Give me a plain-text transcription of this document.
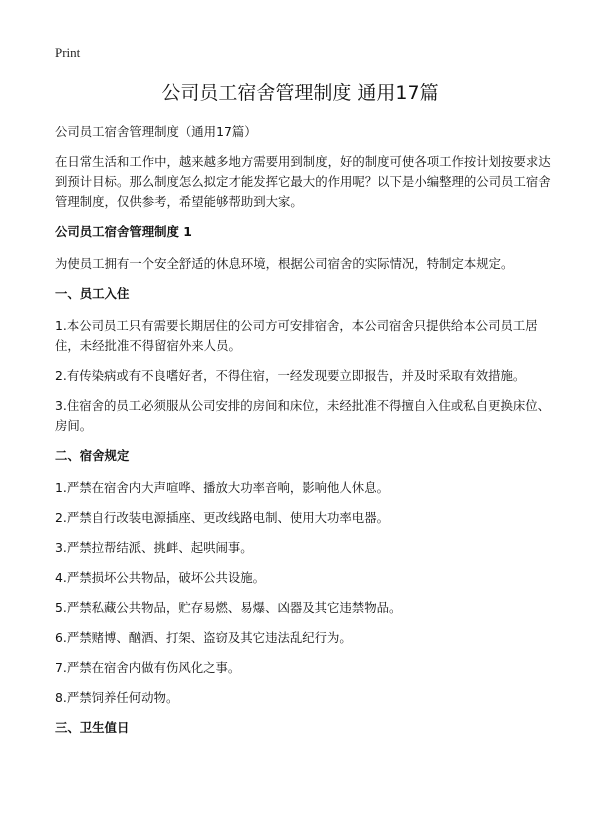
Print
公司员工宿舍管理制度 通用17篇

公司员工宿舍管理制度（通用17篇）

在日常生活和工作中，越来越多地方需要用到制度，好的制度可使各项工作按计划按要求达到预计目标。那么制度怎么拟定才能发挥它最大的作用呢？以下是小编整理的公司员工宿舍管理制度，仅供参考，希望能够帮助到大家。

公司员工宿舍管理制度 1

为使员工拥有一个安全舒适的休息环境，根据公司宿舍的实际情况，特制定本规定。

一、员工入住

1.本公司员工只有需要长期居住的公司方可安排宿舍，本公司宿舍只提供给本公司员工居住，未经批准不得留宿外来人员。

2.有传染病或有不良嗜好者，不得住宿，一经发现要立即报告，并及时采取有效措施。

3.住宿舍的员工必须服从公司安排的房间和床位，未经批准不得擅自入住或私自更换床位、房间。

二、宿舍规定

1.严禁在宿舍内大声喧哗、播放大功率音响，影响他人休息。

2.严禁自行改装电源插座、更改线路电制、使用大功率电器。

3.严禁拉帮结派、挑衅、起哄闹事。

4.严禁损坏公共物品，破坏公共设施。

5.严禁私藏公共物品，贮存易燃、易爆、凶器及其它违禁物品。

6.严禁赌博、酗酒、打架、盗窃及其它违法乱纪行为。

7.严禁在宿舍内做有伤风化之事。

8.严禁饲养任何动物。

三、卫生值日
